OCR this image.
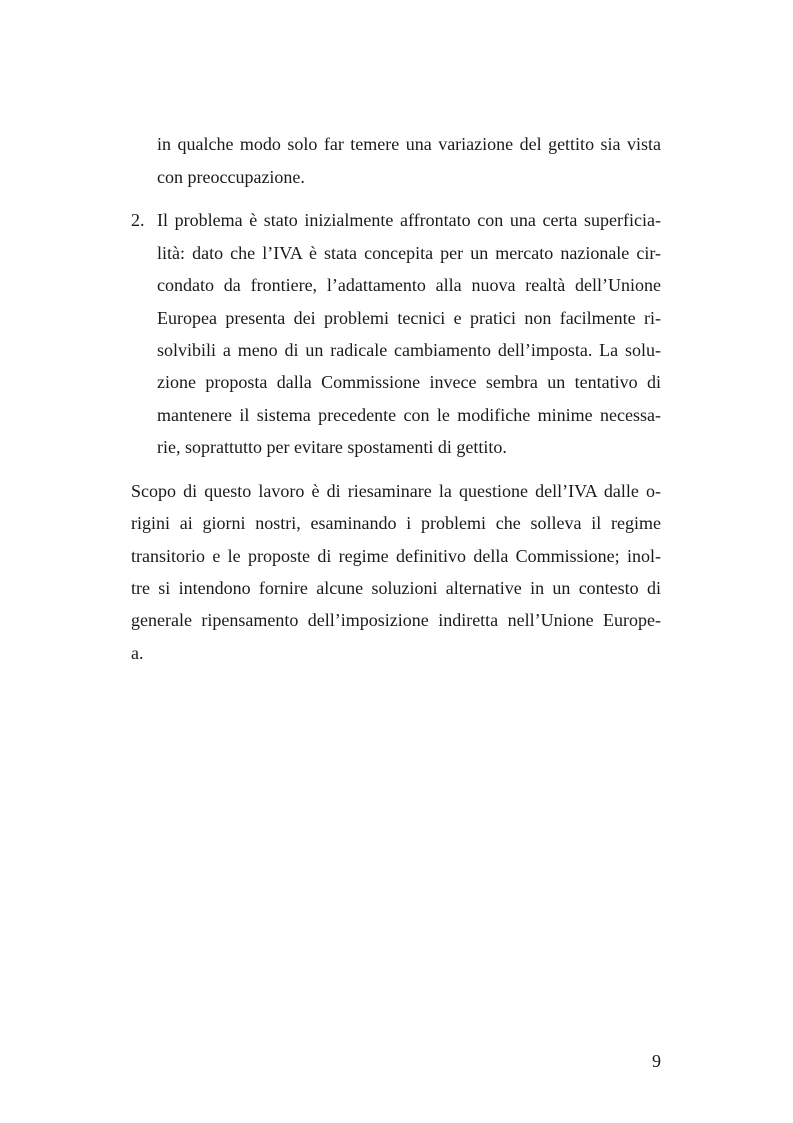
in qualche modo solo far temere una variazione del gettito sia vista
con preoccupazione.
2. Il problema è stato inizialmente affrontato con una certa superficia-
lità: dato che l’IVA è stata concepita per un mercato nazionale cir-
condato da frontiere, l’adattamento alla nuova realtà dell’Unione
Europea presenta dei problemi tecnici e pratici non facilmente ri-
solvibili a meno di un radicale cambiamento dell’imposta. La solu-
zione proposta dalla Commissione invece sembra un tentativo di
mantenere il sistema precedente con le modifiche minime necessa-
rie, soprattutto per evitare spostamenti di gettito.
Scopo di questo lavoro è di riesaminare la questione dell’IVA dalle o-
rigini ai giorni nostri, esaminando i problemi che solleva il regime
transitorio e le proposte di regime definitivo della Commissione; inol-
tre si intendono fornire alcune soluzioni alternative in un contesto di
generale ripensamento dell’imposizione indiretta nell’Unione Europe-
a.
9
